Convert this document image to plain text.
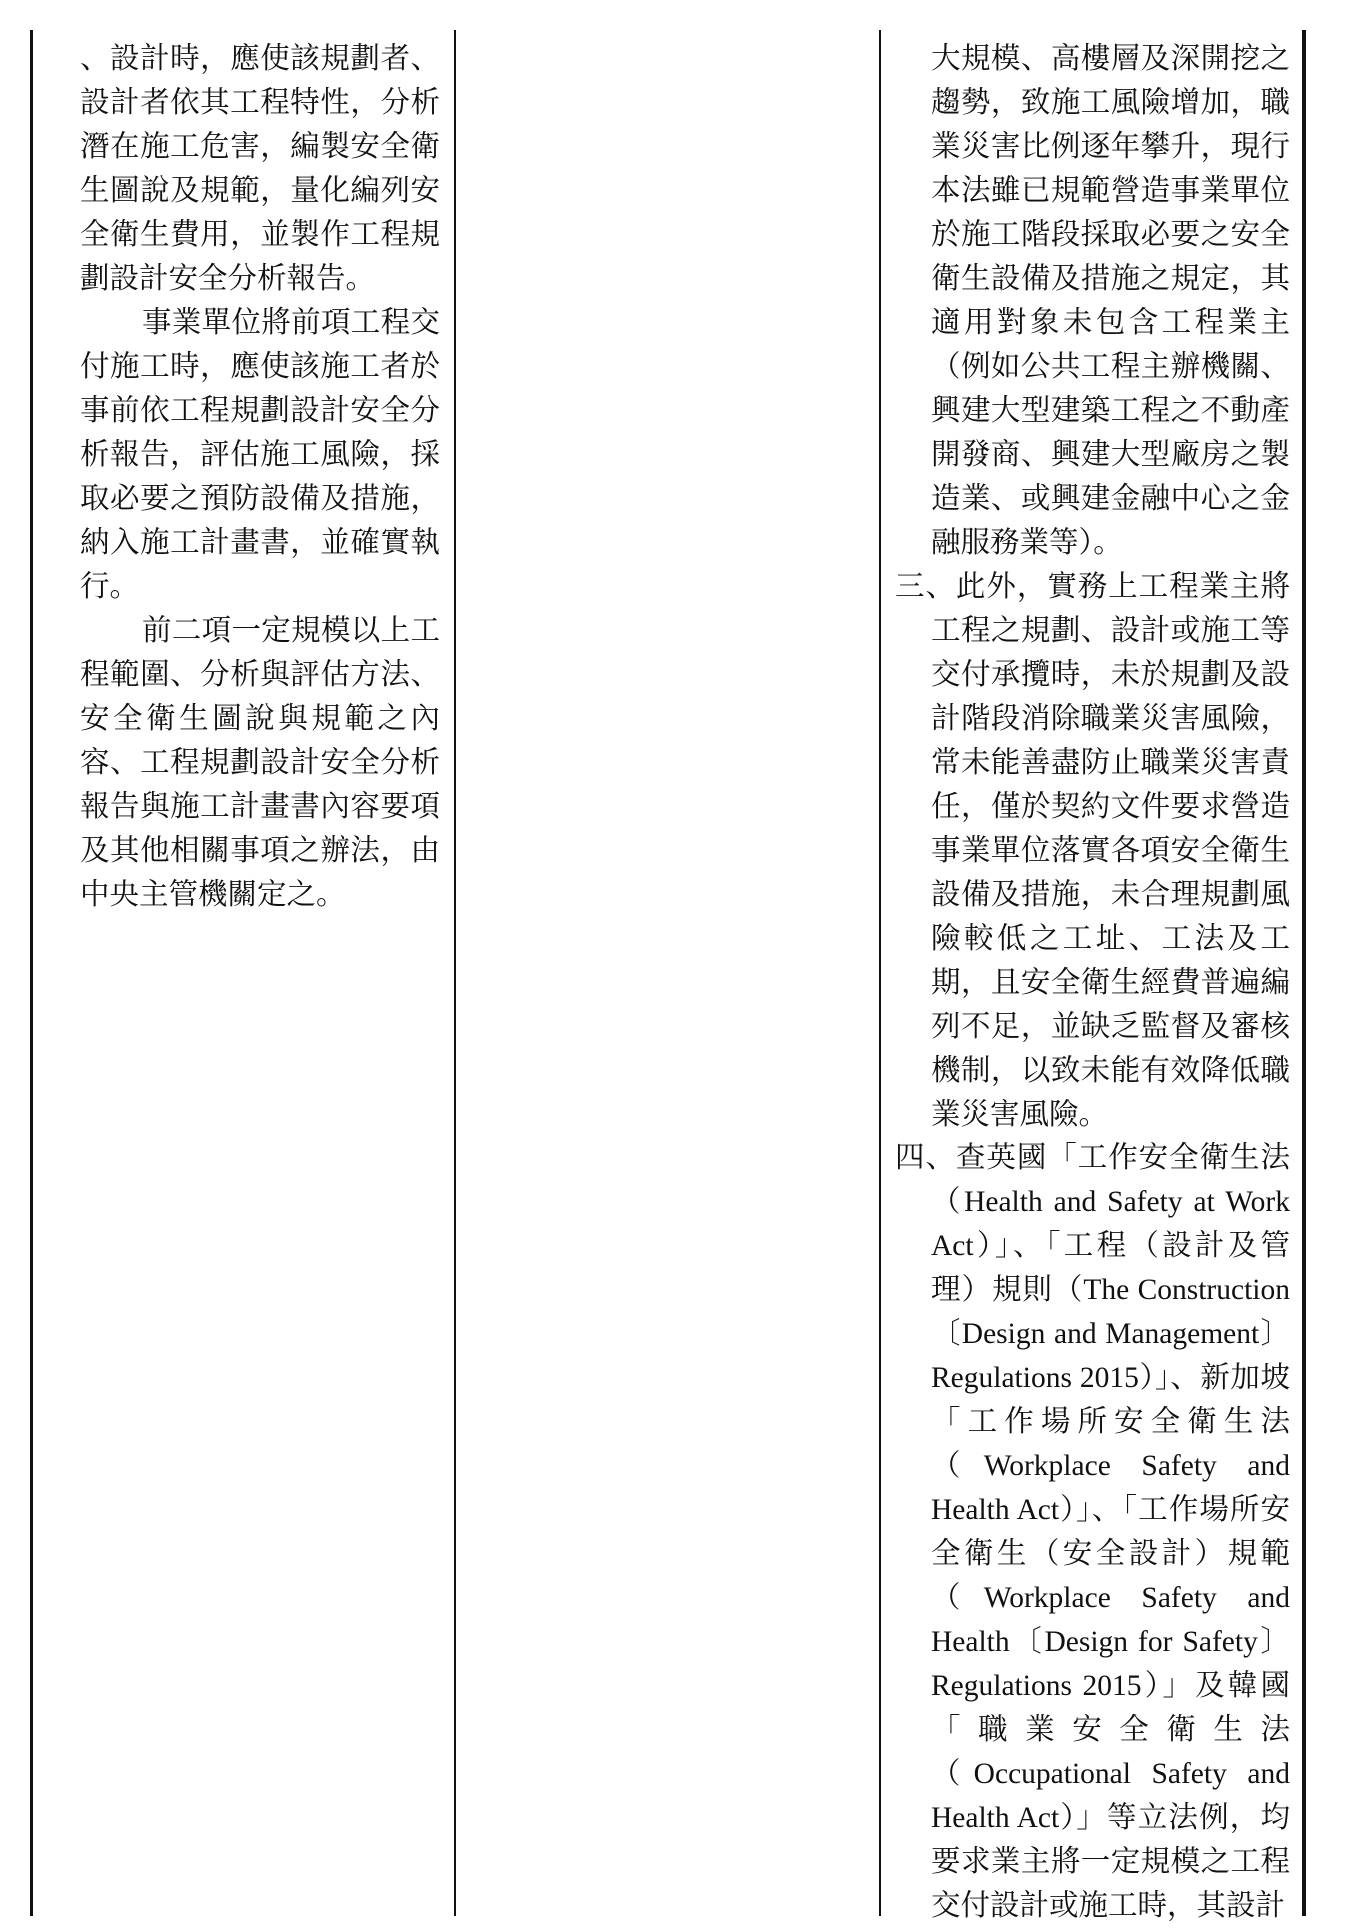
、設計時，應使該規劃者、設計者依其工程特性，分析潛在施工危害，編製安全衛生圖說及規範，量化編列安全衛生費用，並製作工程規劃設計安全分析報告。

事業單位將前項工程交付施工時，應使該施工者於事前依工程規劃設計安全分析報告，評估施工風險，採取必要之預防設備及措施，納入施工計畫書，並確實執行。

前二項一定規模以上工程範圍、分析與評估方法、安全衛生圖說與規範之內容、工程規劃設計安全分析報告與施工計畫書內容要項及其他相關事項之辦法，由中央主管機關定之。

大規模、高樓層及深開挖之趨勢，致施工風險增加，職業災害比例逐年攀升，現行本法雖已規範營造事業單位於施工階段採取必要之安全衛生設備及措施之規定，其適用對象未包含工程業主（例如公共工程主辦機關、興建大型建築工程之不動產開發商、興建大型廠房之製造業、或興建金融中心之金融服務業等）。

三、此外，實務上工程業主將工程之規劃、設計或施工等交付承攬時，未於規劃及設計階段消除職業災害風險，常未能善盡防止職業災害責任，僅於契約文件要求營造事業單位落實各項安全衛生設備及措施，未合理規劃風險較低之工址、工法及工期，且安全衛生經費普遍編列不足，並缺乏監督及審核機制，以致未能有效降低職業災害風險。

四、查英國「工作安全衛生法（Health and Safety at Work Act）」、「工程（設計及管理）規則（The Construction〔Design and Management〕Regulations 2015）」、新加坡「工作場所安全衛生法（Workplace Safety and Health Act）」、「工作場所安全衛生（安全設計）規範（Workplace Safety and Health〔Design for Safety〕Regulations 2015）」及韓國「職業安全衛生法（Occupational Safety and Health Act）」等立法例，均要求業主將一定規模之工程交付設計或施工時，其設計
